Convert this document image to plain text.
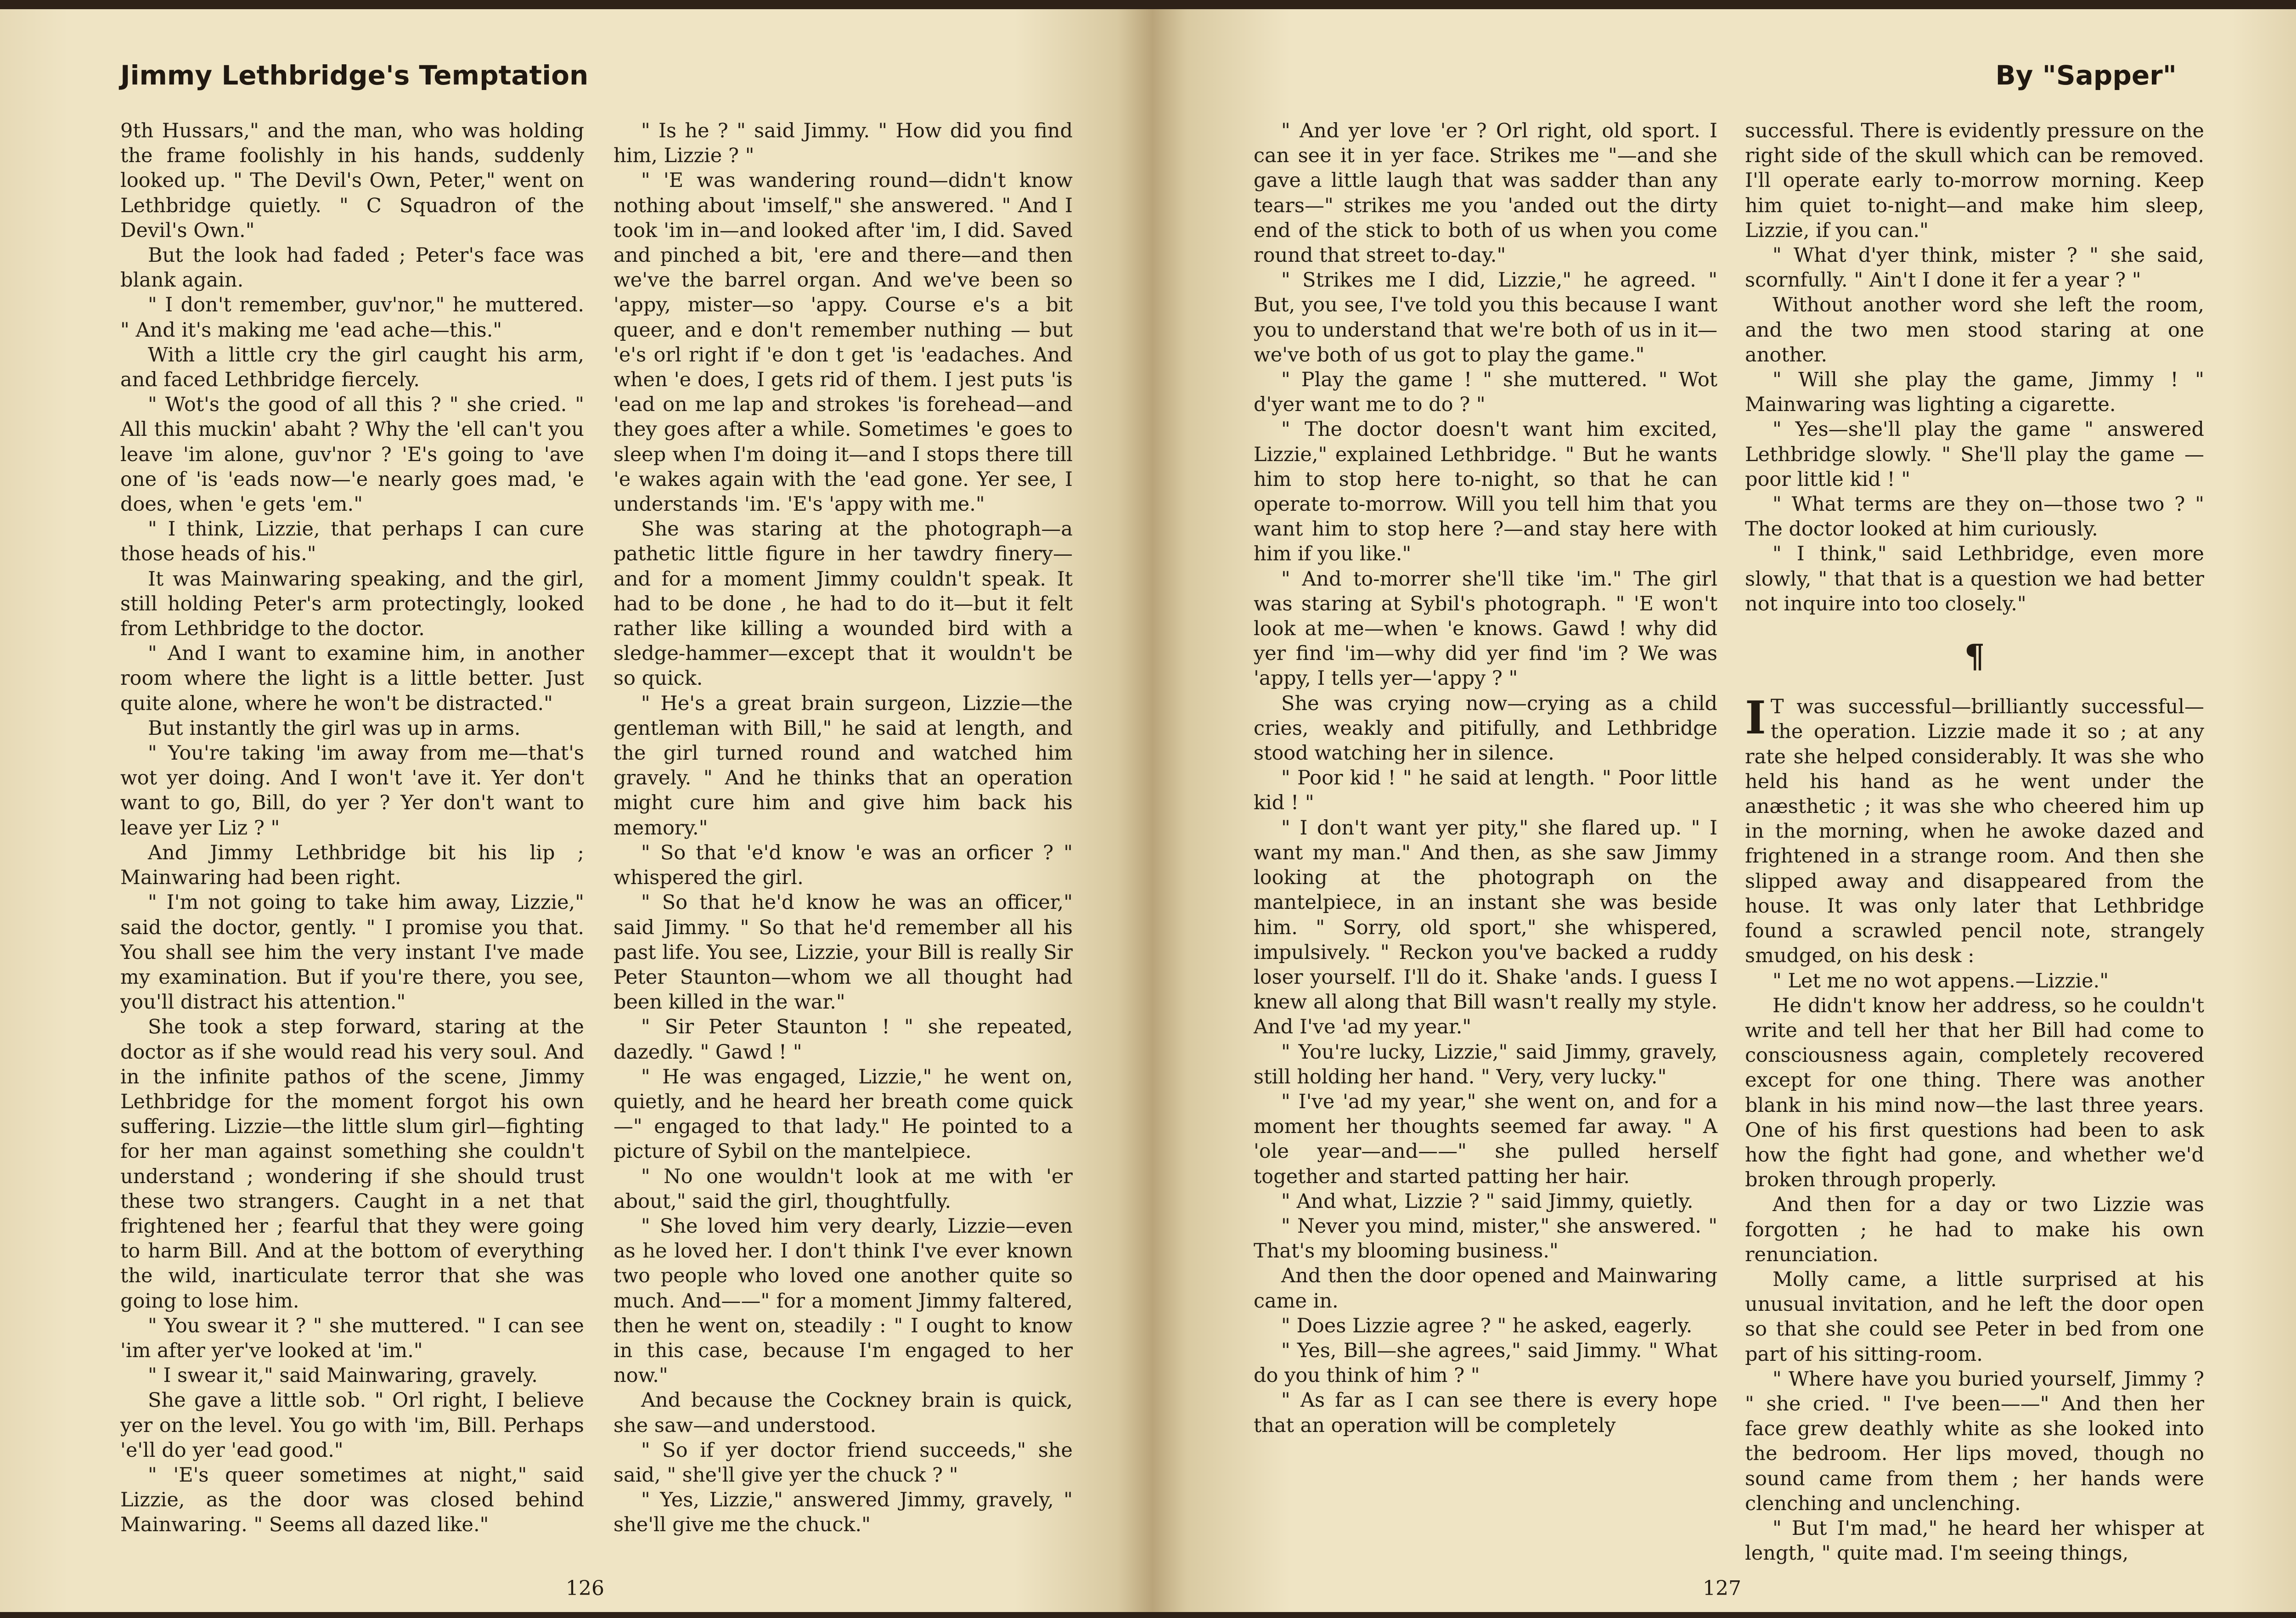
Jimmy Lethbridge's Temptation

9th Hussars," and the man, who was holding the frame foolishly in his hands, suddenly looked up. " The Devil's Own, Peter," went on Lethbridge quietly. " C Squadron of the Devil's Own."

But the look had faded ; Peter's face was blank again.

" I don't remember, guv'nor," he muttered. " And it's making me 'ead ache—this."

With a little cry the girl caught his arm, and faced Lethbridge fiercely.

" Wot's the good of all this ? " she cried. " All this muckin' abaht ? Why the 'ell can't you leave 'im alone, guv'nor ? 'E's going to 'ave one of 'is 'eads now—'e nearly goes mad, 'e does, when 'e gets 'em."

" I think, Lizzie, that perhaps I can cure those heads of his."

It was Mainwaring speaking, and the girl, still holding Peter's arm protectingly, looked from Lethbridge to the doctor.

" And I want to examine him, in another room where the light is a little better. Just quite alone, where he won't be distracted."

But instantly the girl was up in arms.

" You're taking 'im away from me—that's wot yer doing. And I won't 'ave it. Yer don't want to go, Bill, do yer ? Yer don't want to leave yer Liz ? "

And Jimmy Lethbridge bit his lip ; Mainwaring had been right.

" I'm not going to take him away, Lizzie," said the doctor, gently. " I promise you that. You shall see him the very instant I've made my examination. But if you're there, you see, you'll distract his attention."

She took a step forward, staring at the doctor as if she would read his very soul. And in the infinite pathos of the scene, Jimmy Lethbridge for the moment forgot his own suffering. Lizzie—the little slum girl—fighting for her man against something she couldn't understand ; wondering if she should trust these two strangers. Caught in a net that frightened her ; fearful that they were going to harm Bill. And at the bottom of everything the wild, inarticulate terror that she was going to lose him.

" You swear it ? " she muttered. " I can see 'im after yer've looked at 'im."

" I swear it," said Mainwaring, gravely.

She gave a little sob. " Orl right, I believe yer on the level. You go with 'im, Bill. Perhaps 'e'll do yer 'ead good."

" 'E's queer sometimes at night," said Lizzie, as the door was closed behind Mainwaring. " Seems all dazed like."

" Is he ? " said Jimmy. " How did you find him, Lizzie ? "

" 'E was wandering round—didn't know nothing about 'imself," she answered. " And I took 'im in—and looked after 'im, I did. Saved and pinched a bit, 'ere and there—and then we've the barrel organ. And we've been so 'appy, mister—so 'appy. Course e's a bit queer, and e don't remember nuthing — but 'e's orl right if 'e don t get 'is 'eadaches. And when 'e does, I gets rid of them. I jest puts 'is 'ead on me lap and strokes 'is forehead—and they goes after a while. Sometimes 'e goes to sleep when I'm doing it—and I stops there till 'e wakes again with the 'ead gone. Yer see, I understands 'im. 'E's 'appy with me."

She was staring at the photograph—a pathetic little figure in her tawdry finery—and for a moment Jimmy couldn't speak. It had to be done , he had to do it—but it felt rather like killing a wounded bird with a sledge-hammer—except that it wouldn't be so quick.

" He's a great brain surgeon, Lizzie—the gentleman with Bill," he said at length, and the girl turned round and watched him gravely. " And he thinks that an operation might cure him and give him back his memory."

" So that 'e'd know 'e was an orficer ? " whispered the girl.

" So that he'd know he was an officer," said Jimmy. " So that he'd remember all his past life. You see, Lizzie, your Bill is really Sir Peter Staunton—whom we all thought had been killed in the war."

" Sir Peter Staunton ! " she repeated, dazedly. " Gawd ! "

" He was engaged, Lizzie," he went on, quietly, and he heard her breath come quick—" engaged to that lady." He pointed to a picture of Sybil on the mantelpiece.

" No one wouldn't look at me with 'er about," said the girl, thoughtfully.

" She loved him very dearly, Lizzie—even as he loved her. I don't think I've ever known two people who loved one another quite so much. And——" for a moment Jimmy faltered, then he went on, steadily : " I ought to know in this case, because I'm engaged to her now."

And because the Cockney brain is quick, she saw—and understood.

" So if yer doctor friend succeeds," she said, " she'll give yer the chuck ? "

" Yes, Lizzie," answered Jimmy, gravely, " she'll give me the chuck."

126
By "Sapper"

" And yer love 'er ? Orl right, old sport. I can see it in yer face. Strikes me "—and she gave a little laugh that was sadder than any tears—" strikes me you 'anded out the dirty end of the stick to both of us when you come round that street to-day."

" Strikes me I did, Lizzie," he agreed. " But, you see, I've told you this because I want you to understand that we're both of us in it—we've both of us got to play the game."

" Play the game ! " she muttered. " Wot d'yer want me to do ? "

" The doctor doesn't want him excited, Lizzie," explained Lethbridge. " But he wants him to stop here to-night, so that he can operate to-morrow. Will you tell him that you want him to stop here ?—and stay here with him if you like."

" And to-morrer she'll tike 'im." The girl was staring at Sybil's photograph. " 'E won't look at me—when 'e knows. Gawd ! why did yer find 'im—why did yer find 'im ? We was 'appy, I tells yer—'appy ? "

She was crying now—crying as a child cries, weakly and pitifully, and Lethbridge stood watching her in silence.

" Poor kid ! " he said at length. " Poor little kid ! "

" I don't want yer pity," she flared up. " I want my man." And then, as she saw Jimmy looking at the photograph on the mantelpiece, in an instant she was beside him. " Sorry, old sport," she whispered, impulsively. " Reckon you've backed a ruddy loser yourself. I'll do it. Shake 'ands. I guess I knew all along that Bill wasn't really my style. And I've 'ad my year."

" You're lucky, Lizzie," said Jimmy, gravely, still holding her hand. " Very, very lucky."

" I've 'ad my year," she went on, and for a moment her thoughts seemed far away. " A 'ole year—and——" she pulled herself together and started patting her hair.

" And what, Lizzie ? " said Jimmy, quietly.

" Never you mind, mister," she answered. " That's my blooming business."

And then the door opened and Mainwaring came in.

" Does Lizzie agree ? " he asked, eagerly.

" Yes, Bill—she agrees," said Jimmy. " What do you think of him ? "

" As far as I can see there is every hope that an operation will be completely

successful. There is evidently pressure on the right side of the skull which can be removed. I'll operate early to-morrow morning. Keep him quiet to-night—and make him sleep, Lizzie, if you can."

" What d'yer think, mister ? " she said, scornfully. " Ain't I done it fer a year ? "

Without another word she left the room, and the two men stood staring at one another.

" Will she play the game, Jimmy ! " Mainwaring was lighting a cigarette.

" Yes—she'll play the game " answered Lethbridge slowly. " She'll play the game —poor little kid ! "

" What terms are they on—those two ? " The doctor looked at him curiously.

" I think," said Lethbridge, even more slowly, " that that is a question we had better not inquire into too closely."

¶

I T was successful—brilliantly successful—the operation. Lizzie made it so ; at any rate she helped considerably. It was she who held his hand as he went under the anæsthetic ; it was she who cheered him up in the morning, when he awoke dazed and frightened in a strange room. And then she slipped away and disappeared from the house. It was only later that Lethbridge found a scrawled pencil note, strangely smudged, on his desk :

" Let me no wot appens.—Lizzie."

He didn't know her address, so he couldn't write and tell her that her Bill had come to consciousness again, completely recovered except for one thing. There was another blank in his mind now—the last three years. One of his first questions had been to ask how the fight had gone, and whether we'd broken through properly.

And then for a day or two Lizzie was forgotten ; he had to make his own renunciation.

Molly came, a little surprised at his unusual invitation, and he left the door open so that she could see Peter in bed from one part of his sitting-room.

" Where have you buried yourself, Jimmy ? " she cried. " I've been——" And then her face grew deathly white as she looked into the bedroom. Her lips moved, though no sound came from them ; her hands were clenching and unclenching.

" But I'm mad," he heard her whisper at length, " quite mad. I'm seeing things,

127
